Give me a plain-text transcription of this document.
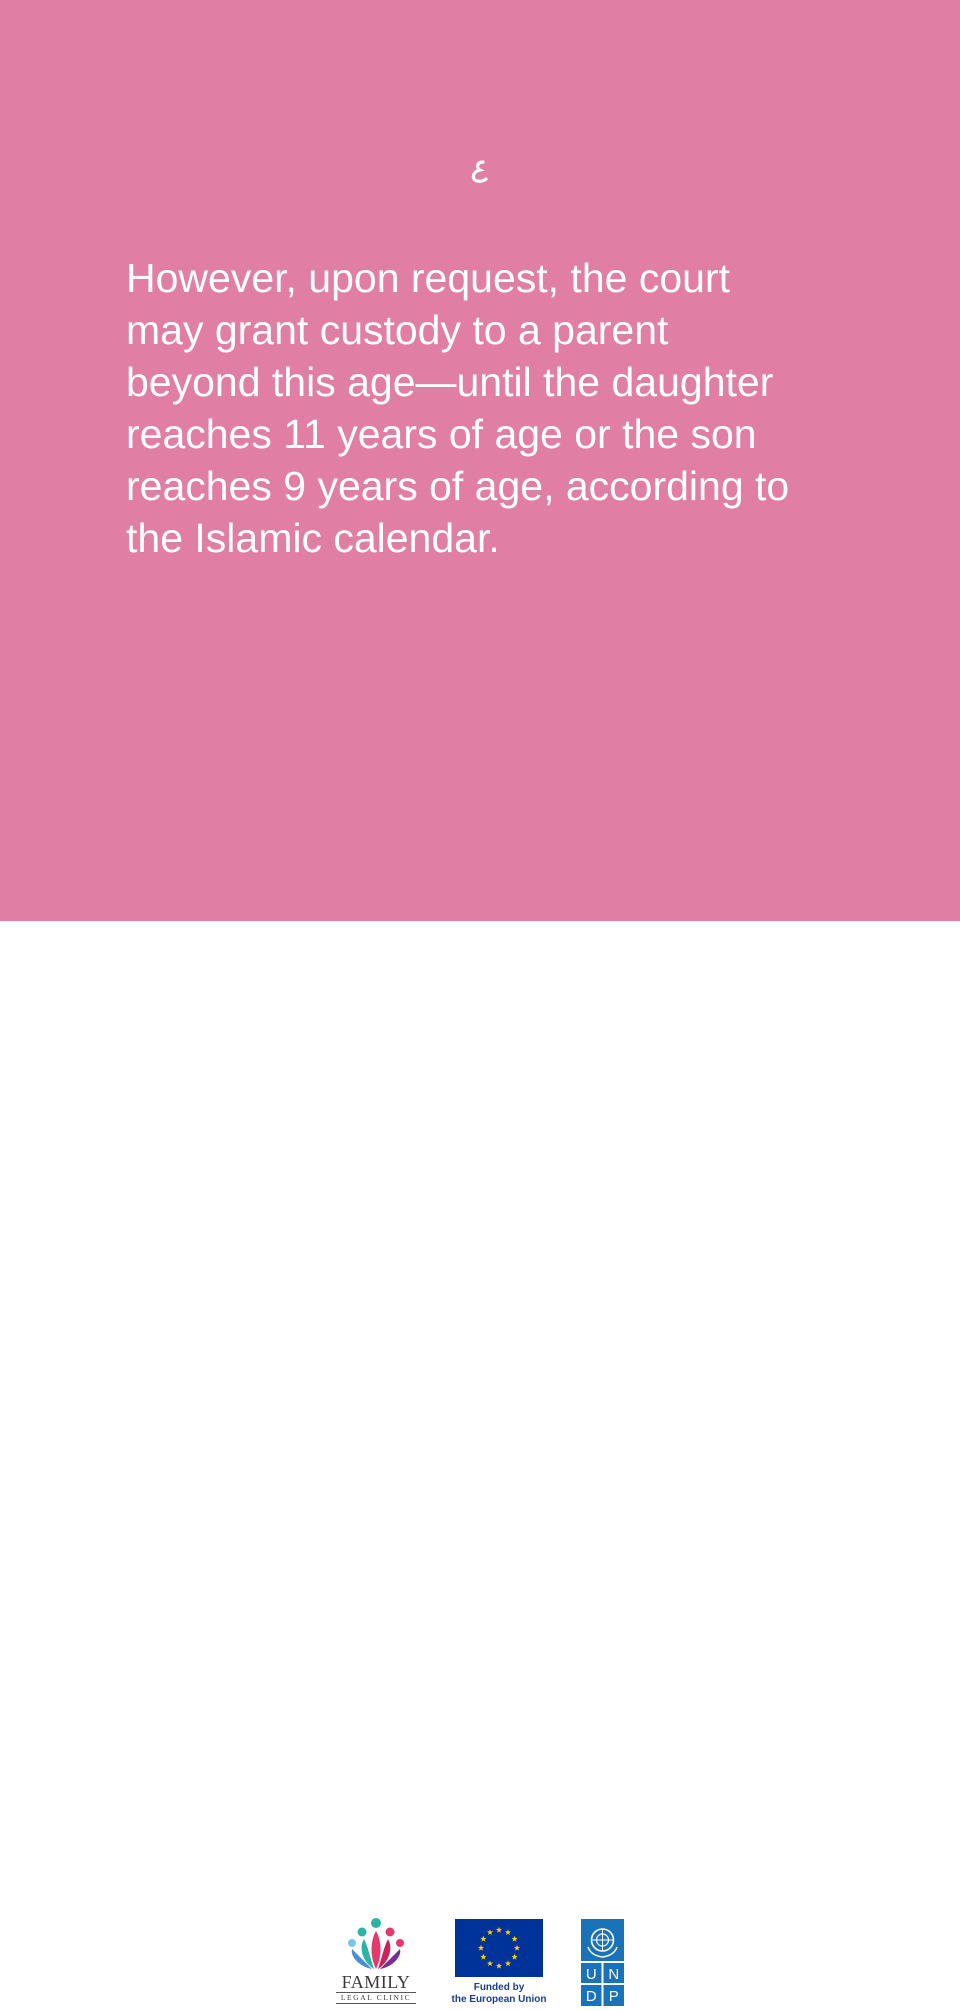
However, upon request, the court
may grant custody to a parent
beyond this age—until the daughter
reaches 11 years of age or the son
reaches 9 years of age, according to
the Islamic calendar.

FAMILY
LEGAL CLINIC
Funded by
the European Union
U N
D P
